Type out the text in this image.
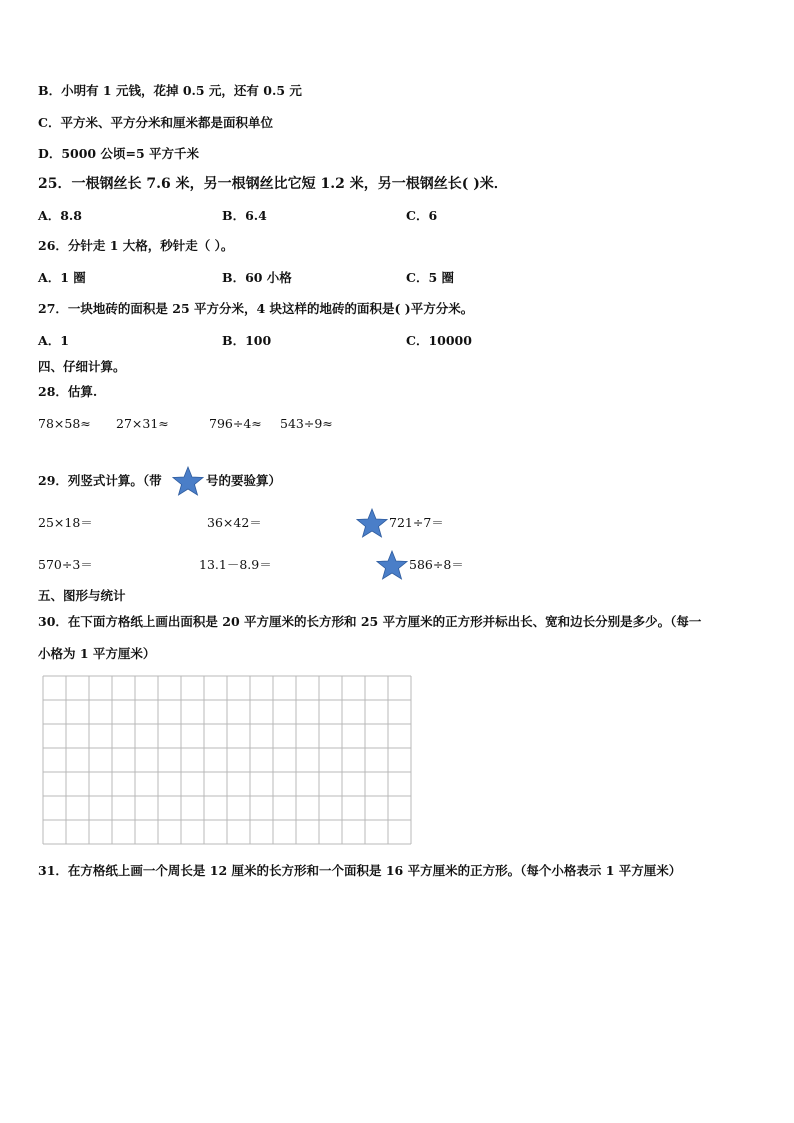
B．小明有 1 元钱，花掉 0.5 元，还有 0.5 元
C．平方米、平方分米和厘米都是面积单位
D．5000 公顷=5 平方千米
25．一根钢丝长 7.6 米，另一根钢丝比它短 1.2 米，另一根钢丝长( )米．
A．8.8	B．6.4	C．6
26．分针走 1 大格，秒针走（ ）。
A．1 圈	B．60 小格	C．5 圈
27．一块地砖的面积是 25 平方分米，4 块这样的地砖的面积是( )平方分米。
A．1	B．100	C．10000
四、仔细计算。
28．估算.
78×58≈ 27×31≈	796÷4≈ 543÷9≈
29．列竖式计算。（带	号的要验算）
25×18＝	36×42＝	721÷7＝
570÷3＝	13.1－8.9＝	586÷8＝
五、图形与统计
30．在下面方格纸上画出面积是 20 平方厘米的长方形和 25 平方厘米的正方形并标出长、宽和边长分别是多少。（每一
小格为 1 平方厘米）
31．在方格纸上画一个周长是 12 厘米的长方形和一个面积是 16 平方厘米的正方形。（每个小格表示 1 平方厘米）
